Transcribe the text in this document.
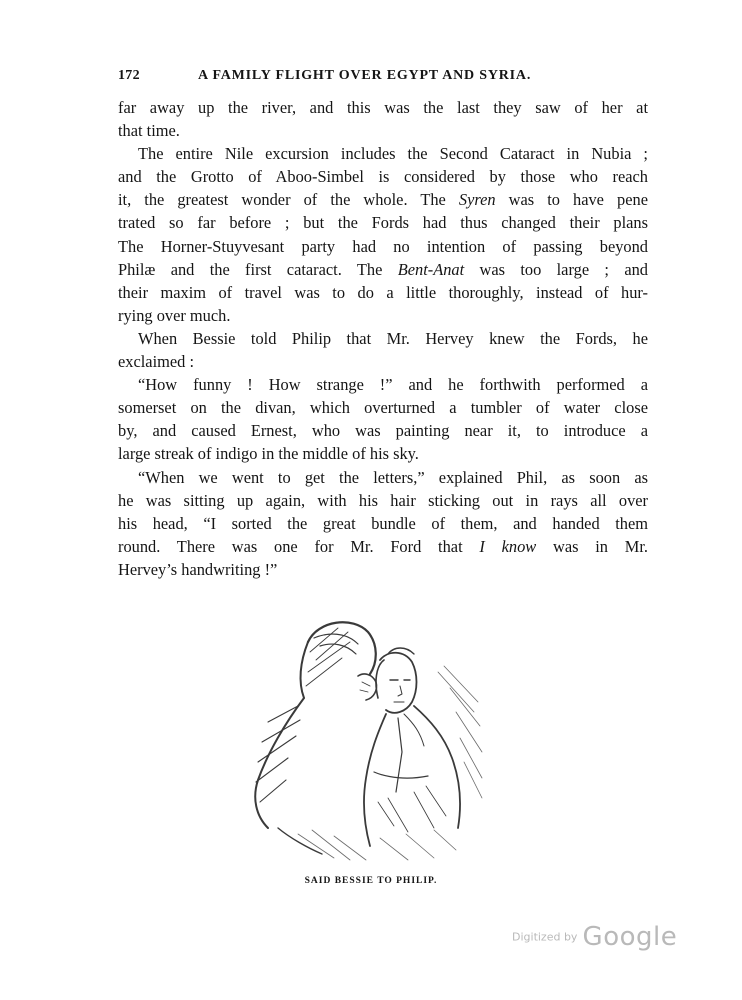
172	A FAMILY FLIGHT OVER EGYPT AND SYRIA.

far away up the river, and this was the last they saw of her at
that time.

The entire Nile excursion includes the Second Cataract in Nubia ;
and the Grotto of Aboo-Simbel is considered by those who reach
it, the greatest wonder of the whole. The Syren was to have pene
trated so far before ; but the Fords had thus changed their plans
The Horner-Stuyvesant party had no intention of passing beyond
Philæ and the first cataract. The Bent-Anat was too large ; and
their maxim of travel was to do a little thoroughly, instead of hur-
rying over much.

When Bessie told Philip that Mr. Hervey knew the Fords, he
exclaimed :

“How funny ! How strange !” and he forthwith performed a
somerset on the divan, which overturned a tumbler of water close
by, and caused Ernest, who was painting near it, to introduce a
large streak of indigo in the middle of his sky.

“When we went to get the letters,” explained Phil, as soon as
he was sitting up again, with his hair sticking out in rays all over
his head, “I sorted the great bundle of them, and handed them
round. There was one for Mr. Ford that I know was in Mr.
Hervey’s handwriting !”

SAID BESSIE TO PHILIP.
Digitized by Google
